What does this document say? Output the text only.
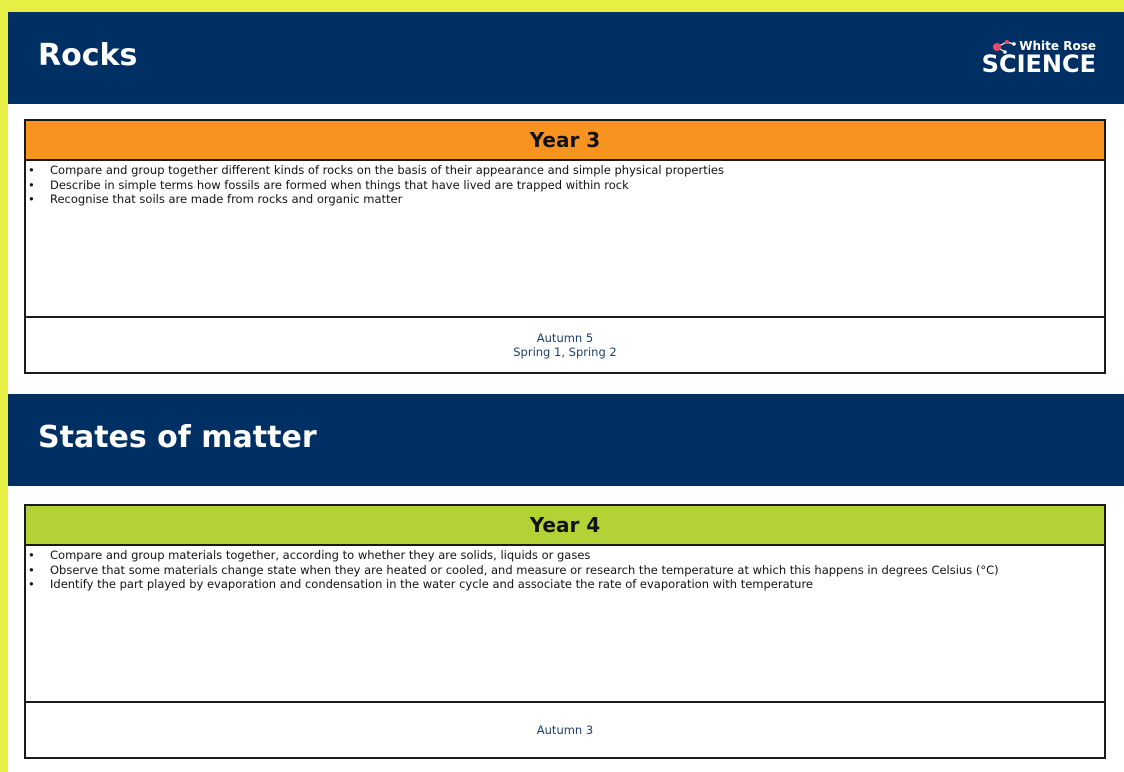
Rocks	White Rose
SCIENCE
Year 3
• Compare and group together different kinds of rocks on the basis of their appearance and simple physical properties
• Describe in simple terms how fossils are formed when things that have lived are trapped within rock
• Recognise that soils are made from rocks and organic matter
Autumn 5
Spring 1, Spring 2
States of matter
Year 4
• Compare and group materials together, according to whether they are solids, liquids or gases
• Observe that some materials change state when they are heated or cooled, and measure or research the temperature at which this happens in degrees Celsius (°C)
• Identify the part played by evaporation and condensation in the water cycle and associate the rate of evaporation with temperature
Autumn 3
